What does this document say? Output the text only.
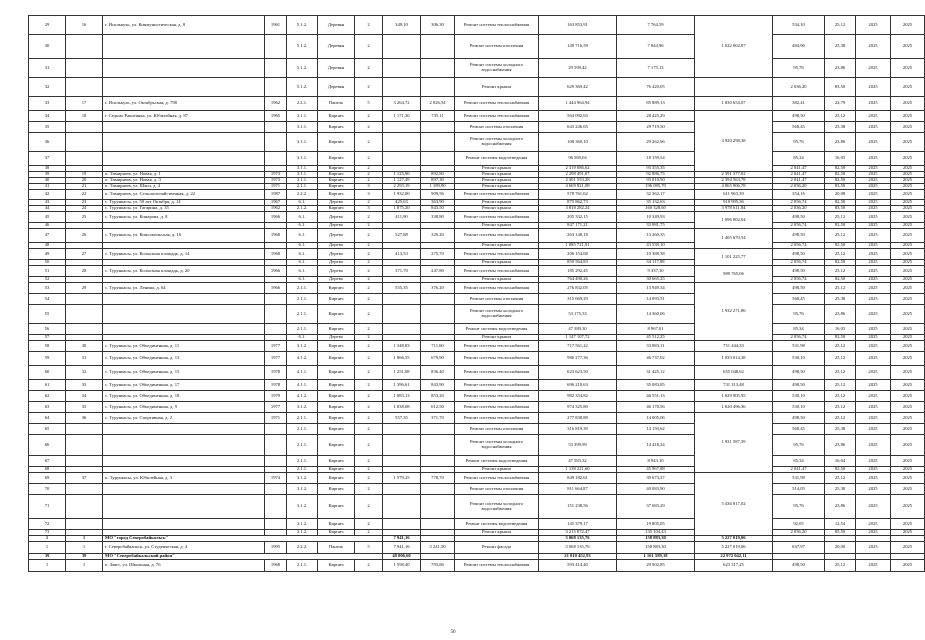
29	16	г. Исилькуль, ул. Коммунистическая, д. 8	1961	5.1.2.	Деревян	2	349,10	306,30	Ремонт системы теплоснабжения	163 853,91	7 764,59	1 022 002,07	534,10	25,12	2025	2025
30				5.1.2.	Деревян	2			Ремонт системы отопления	149 716,59	7 844,96		484,96	25,38	2025	2025
31				5.1.2.	Деревян	2			Ремонт системы холодного водоснабжения	29 599,42	7 175,13		95,76	23,86	2025	2025
32				5.1.2.	Деревян	2			Ремонт крыши	629 369,42	76 420,05		2 036,20	83,50	2025	2025
33	17	г. Исилькуль, ул. Октябрьская, д. 798	1962	2.2.1.	Панель	5	3 264,72	2 826,54	Ремонт системы теплоснабжения	1 444 964,94	85 889,13	1 830 654,07	382,41	22,79	2025	2025
34	18	г. Седьмо Ракитянка, ул. Юбилейная, д. 87	1965	3.1.1.	Кирпич	2	1 171,30	735,11	Ремонт системы теплоснабжения	564 092,63	28 425,29	3 920 298,38	498,50	25,12	2025	2025
35				3.1.1.	Кирпич	2			Ремонт системы отопления	643 246,65	29 719,50		568,45	25,38	2025	2025
36				3.1.1.	Кирпич	2			Ремонт системы холодного водоснабжения	108 360,10	29 262,66		95,76	23,86	2025	2025
37				3.1.1.	Кирпич	2			Ремонт системы водоотведения	96 569,04	18 159,54		85,34	16,05	2025	2025
38				3.1.1.	Кирпич	2			Ремонт крыши	2 319 086,62	93 355,35		2 041,47	82,50	2025	2025
39	19	п. Тимирязев, ул. Новая, д. 1	1973	3.1.1.	Кирпич	2	1 125,90	892,80	Ремонт крыши	2 298 491,07	92 886,75	2 391 377,82	2 041,47	82,50	2025	2025
40	20	п. Тимирязев, ул. Новая, д. 3	1973	3.1.1.	Кирпич	2	1 127,49	897,30	Ремонт крыши	2 301 553,28	93 010,50	2 394 563,78	2 041,47	82,50	2025	2025
41	21	п. Тимирязев, ул. Школ, д. 4	1971	2.1.1.	Кирпич	3	2 293,19	1 189,90	Ремонт крыши	4 669 821,08	196 085,70	4 865 906,78	2 036,20	83,50	2025	2025
42	22	п. Тимирязев, ул. Сельскохозяйственная, д. 22	1987	2.2.2.	Кирпич	3	1 932,00	909,56	Ремонт системы теплоснабжения	578 761,62	32 362,17	611 963,39	354,16	20,08	2025	2025
43	23	с. Турункасы, ул. 50 лет Октября, д. 14	1967	6.1.	Дерево	2	425,63	363,90	Ремонт крыши	875 862,73	35 132,63	910 995,36	2 056,74	82,50	2025	2025
44	24	с. Турункасы, ул. Гагарина, д. 35	1962	2.1.2.	Кирпич	3	1 875,20	843,50	Ремонт крыши	3 818 282,24	160 328,60	3 978 611,84	2 036,20	83,50	2025	2025
45	25	с. Турункасы, ул. Комарова, д. 8	1966	6.1.	Дерево	2	411,90	338,80	Ремонт системы теплоснабжения	205 332,15	10 349,93	1 096 802,04	498,50	25,12	2025	2025
46				6.1.	Дерево	2			Ремонт крыши	847 171,21	33 981,75		2 056,74	82,50	2025	2025
47	26	с. Турункасы, ул. Комсомольская, д. 16	1968	6.1.	Дерево	2	527,88	329,20	Ремонт системы теплоснабжения	263 148,18	13 260,35	1 405 670,54	498,50	25,12	2025	2025
48				6.1.	Дерево	2			Ремонт крыши	1 085 721,91	43 539,10		2 056,74	82,50	2025	2025
49	27	с. Турункасы, ул. Колхозная площадь, д. 14	1968	6.1.	Дерево	2	413,53	275,70	Ремонт системы теплоснабжения	206 154,68	10 388,38	1 101 225,77	498,50	25,12	2025	2025
50				6.1.	Дерево	2			Ремонт крыши	850 564,83	34 117,88		2 056,74	82,50	2025	2025
51	28	с. Турункасы, ул. Колхозная площадь, д. 20	1966	6.1.	Дерево	2	371,70	247,80	Ремонт системы теплоснабжения	185 292,45	9 337,10	989 765,06	498,50	25,12	2025	2025
52				6.1.	Дерево	2			Ремонт крыши	764 490,26	30 665,25		2 056,74	82,50	2025	2025
53	29	с. Турункасы, ул. Ленина, д. 64	1966	2.1.1.	Кирпич	2	555,35	376,20	Ремонт системы теплоснабжения	276 832,05	13 949,34	1 932 271,86	498,50	25,12	2025	2025
54				2.1.1.	Кирпич	2			Ремонт системы отопления	315 669,29	14 093,51		568,45	25,38	2025	2025
55				2.1.1.	Кирпич	2			Ремонт системы холодного водоснабжения	53 175,53	14 360,06		95,76	23,86	2025	2025
56				2.1.1.	Кирпич	2			Ремонт системы водоотведения	47 389,30	8 967,01		85,34	16,03	2025	2025
57				6.1.	Дерево	2			Ремонт крыши	1 147 107,72	45 512,25		2 056,74	82,50	2025	2025
58	30	с. Турункасы, ул. Объединенная, д. 11	1977	3.1.2.	Кирпич	2	1 348,83	711,60	Ремонт системы теплоснабжения	717 561,22	33 883,11	751 444,33	531,98	25,12	2025	2025
59	31	с. Турункасы, ул. Объединенная, д. 13	1977	4.1.2.	Кирпич	2	1 866,55	679,90	Ремонт системы теплоснабжения	986 277,36	46 737,02	1 033 014,38	530,10	25,12	2025	2025
60	32	с. Турункасы, ул. Объединенная, д. 15	1978	4.1.1.	Кирпич	2	1 251,08	836,40	Ремонт системы теплоснабжения	623 623,50	31 425,12	655 048,62	498,50	25,12	2025	2025
61	33	с. Турункасы, ул. Объединенная, д. 17	1978	4.1.1.	Кирпич	2	1 396,61	843,90	Ремонт системы теплоснабжения	696 210,63	35 083,85	731 313,48	498,50	25,12	2025	2025
62	34	с. Турункасы, ул. Объединенная, д. 18	1979	4.1.2.	Кирпич	2	1 883,13	853,20	Ремонт системы теплоснабжения	982 354,82	46 551,13	1 029 905,95	530,10	25,12	2025	2025
63	35	с. Турункасы, ул. Объединенная, д. 9	1977	3.1.2.	Кирпич	2	1 838,08	612,50	Ремонт системы теплоснабжения	974 325,80	46 170,56	1 020 496,36	530,10	25,12	2025	2025
64	36	с. Турункасы, ул. Спортивная, д. 2	1971	2.1.1.	Кирпич	2	557,35	371,70	Ремонт системы теплоснабжения	277 838,88	14 005,06	1 931 587,39	498,50	25,12	2025	2025
65				2.1.1.	Кирпич	2			Ремонт системы отопления	316 819,39	14 150,62		568,45	25,38	2025	2025
66				2.1.1.	Кирпич	2			Ремонт системы холодного водоснабжения	53 399,99	14 418,24		95,76	23,86	2025	2025
67				2.1.1.	Кирпич	2			Ремонт системы водоотведения	47 583,32	8 943,10		85,34	16,04	2025	2025
68				2.1.1.	Кирпич	2			Ремонт крыши	1 138 221,60	45 967,88		2 041,47	82,50	2025	2025
69	37	п. Турункасы, ул. Юбилейная, д. 3	1974	3.1.2.	Кирпич	2	1 579,25	778,70	Ремонт системы теплоснабжения	849 182,61	39 673,27	5 436 817,02	531,98	25,12	2025	2025
70				3.1.2.	Кирпич	2			Ремонт системы отопления	811 664,87	40 083,90		514,05	25,38	2025	2025
71				3.1.2.	Кирпич	2			Ремонт системы холодного водоснабжения	151 238,56	37 683,29		95,76	23,86	2025	2025
72				3.1.2.	Кирпич	2			Ремонт системы водоотведения	145 379,17	19 805,05		92,05	12,54	2025	2025
73				3.1.2.	Кирпич	2			Ремонт крыши	3 215 872,47	135 104,43		2 036,20	85,50	2025	2025
1	1	МО "город Северобайкальск"					7 941,16			5 068 135,76	158 883,30	5 227 019,06				
1	1	г. Северобайкальск, ул. Студенческая, д. 4	1995	2.2.2.	Панель	5	7 941,16	5 241,50	Ремонт фасада	5 068 135,76	158 883,30	5 227 019,06	637,97	20,00	2025	2025
39	39	МО "Северобайкальский район"					48 006,60			21 810 452,93	1 161 589,18	22 972 042,11				
1	1	п. Заягс, ул. Школьная, д. 76	1968	2.1.1.	Кирпич	2	1 598,40	793,86	Ремонт системы теплоснабжения	593 414,40	29 902,85	623 317,25	498,50	25,12	2025	2025
50
